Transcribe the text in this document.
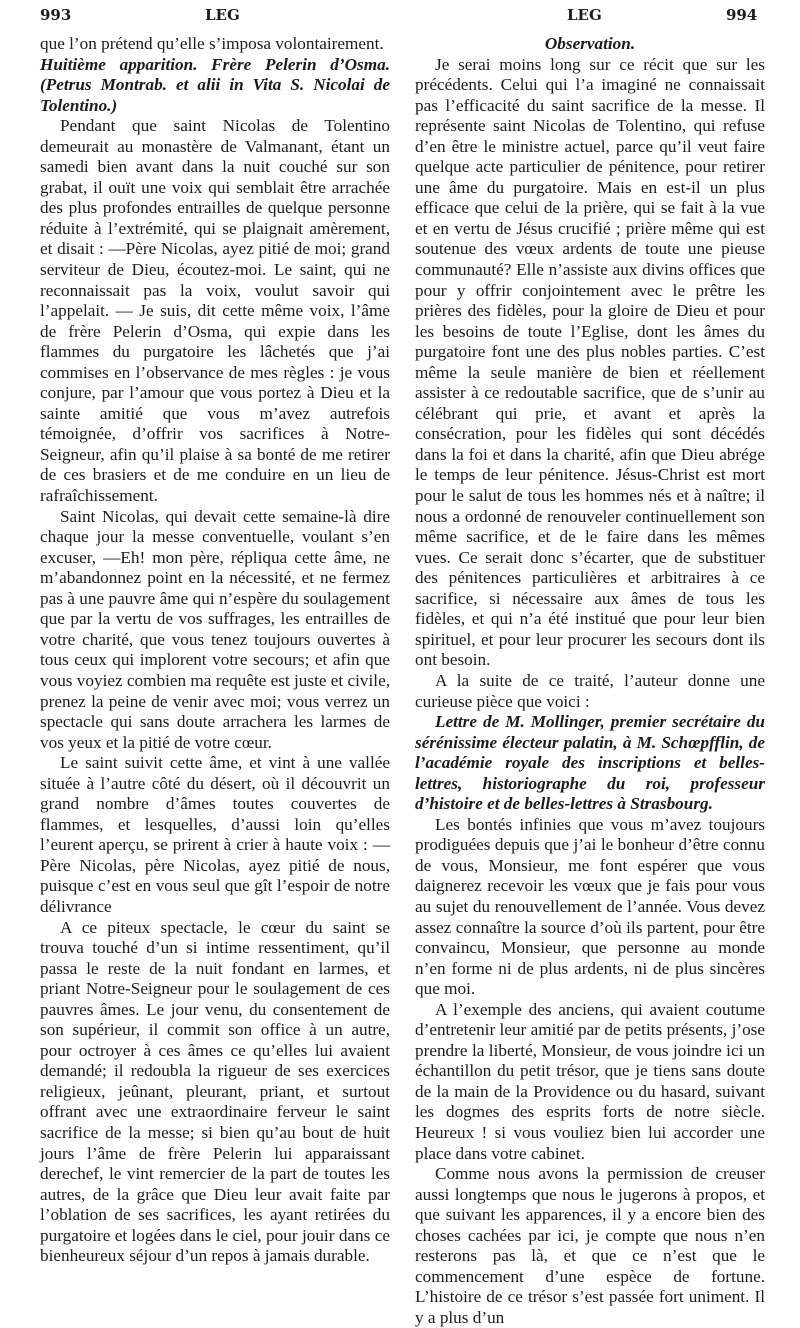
993	LEG	LEG	994

que l’on prétend qu’elle s’imposa volontairement.

Huitième apparition. Frère Pelerin d’Osma. (Petrus Montrab. et alii in Vita S. Nicolai de Tolentino.)

Pendant que saint Nicolas de Tolentino demeurait au monastère de Valmanant, étant un samedi bien avant dans la nuit couché sur son grabat, il ouït une voix qui semblait être arrachée des plus profondes entrailles de quelque personne réduite à l’extrémité, qui se plaignait amèrement, et disait : —Père Nicolas, ayez pitié de moi; grand serviteur de Dieu, écoutez-moi. Le saint, qui ne reconnaissait pas la voix, voulut savoir qui l’appelait. — Je suis, dit cette même voix, l’âme de frère Pelerin d’Osma, qui expie dans les flammes du purgatoire les lâchetés que j’ai commises en l’observance de mes règles : je vous conjure, par l’amour que vous portez à Dieu et la sainte amitié que vous m’avez autrefois témoignée, d’offrir vos sacrifices à Notre-Seigneur, afin qu’il plaise à sa bonté de me retirer de ces brasiers et de me conduire en un lieu de rafraîchissement.

Saint Nicolas, qui devait cette semaine-là dire chaque jour la messe conventuelle, voulant s’en excuser, —Eh! mon père, répliqua cette âme, ne m’abandonnez point en la nécessité, et ne fermez pas à une pauvre âme qui n’espère du soulagement que par la vertu de vos suffrages, les entrailles de votre charité, que vous tenez toujours ouvertes à tous ceux qui implorent votre secours; et afin que vous voyiez combien ma requête est juste et civile, prenez la peine de venir avec moi; vous verrez un spectacle qui sans doute arrachera les larmes de vos yeux et la pitié de votre cœur.

Le saint suivit cette âme, et vint à une vallée située à l’autre côté du désert, où il découvrit un grand nombre d’âmes toutes couvertes de flammes, et lesquelles, d’aussi loin qu’elles l’eurent aperçu, se prirent à crier à haute voix : — Père Nicolas, père Nicolas, ayez pitié de nous, puisque c’est en vous seul que gît l’espoir de notre délivrance

A ce piteux spectacle, le cœur du saint se trouva touché d’un si intime ressentiment, qu’il passa le reste de la nuit fondant en larmes, et priant Notre-Seigneur pour le soulagement de ces pauvres âmes. Le jour venu, du consentement de son supérieur, il commit son office à un autre, pour octroyer à ces âmes ce qu’elles lui avaient demandé; il redoubla la rigueur de ses exercices religieux, jeûnant, pleurant, priant, et surtout offrant avec une extraordinaire ferveur le saint sacrifice de la messe; si bien qu’au bout de huit jours l’âme de frère Pelerin lui apparaissant derechef, le vint remercier de la part de toutes les autres, de la grâce que Dieu leur avait faite par l’oblation de ses sacrifices, les ayant retirées du purgatoire et logées dans le ciel, pour jouir dans ce bienheureux séjour d’un repos à jamais durable.

Observation.

Je serai moins long sur ce récit que sur les précédents. Celui qui l’a imaginé ne connaissait pas l’efficacité du saint sacrifice de la messe. Il représente saint Nicolas de Tolentino, qui refuse d’en être le ministre actuel, parce qu’il veut faire quelque acte particulier de pénitence, pour retirer une âme du purgatoire. Mais en est-il un plus efficace que celui de la prière, qui se fait à la vue et en vertu de Jésus crucifié ; prière même qui est soutenue des vœux ardents de toute une pieuse communauté? Elle n’assiste aux divins offices que pour y offrir conjointement avec le prêtre les prières des fidèles, pour la gloire de Dieu et pour les besoins de toute l’Eglise, dont les âmes du purgatoire font une des plus nobles parties. C’est même la seule manière de bien et réellement assister à ce redoutable sacrifice, que de s’unir au célébrant qui prie, et avant et après la consécration, pour les fidèles qui sont décédés dans la foi et dans la charité, afin que Dieu abrége le temps de leur pénitence. Jésus-Christ est mort pour le salut de tous les hommes nés et à naître; il nous a ordonné de renouveler continuellement son même sacrifice, et de le faire dans les mêmes vues. Ce serait donc s’écarter, que de substituer des pénitences particulières et arbitraires à ce sacrifice, si nécessaire aux âmes de tous les fidèles, et qui n’a été institué que pour leur bien spirituel, et pour leur procurer les secours dont ils ont besoin.

A la suite de ce traité, l’auteur donne une curieuse pièce que voici :

Lettre de M. Mollinger, premier secrétaire du sérénissime électeur palatin, à M. Schœpfflin, de l’académie royale des inscriptions et belles-lettres, historiographe du roi, professeur d’histoire et de belles-lettres à Strasbourg.

Les bontés infinies que vous m’avez toujours prodiguées depuis que j’ai le bonheur d’être connu de vous, Monsieur, me font espérer que vous daignerez recevoir les vœux que je fais pour vous au sujet du renouvellement de l’année. Vous devez assez connaître la source d’où ils partent, pour être convaincu, Monsieur, que personne au monde n’en forme ni de plus ardents, ni de plus sincères que moi.

A l’exemple des anciens, qui avaient coutume d’entretenir leur amitié par de petits présents, j’ose prendre la liberté, Monsieur, de vous joindre ici un échantillon du petit trésor, que je tiens sans doute de la main de la Providence ou du hasard, suivant les dogmes des esprits forts de notre siècle. Heureux ! si vous vouliez bien lui accorder une place dans votre cabinet.

Comme nous avons la permission de creuser aussi longtemps que nous le jugerons à propos, et que suivant les apparences, il y a encore bien des choses cachées par ici, je compte que nous n’en resterons pas là, et que ce n’est que le commencement d’une espèce de fortune. L’histoire de ce trésor s’est passée fort uniment. Il y a plus d’un
